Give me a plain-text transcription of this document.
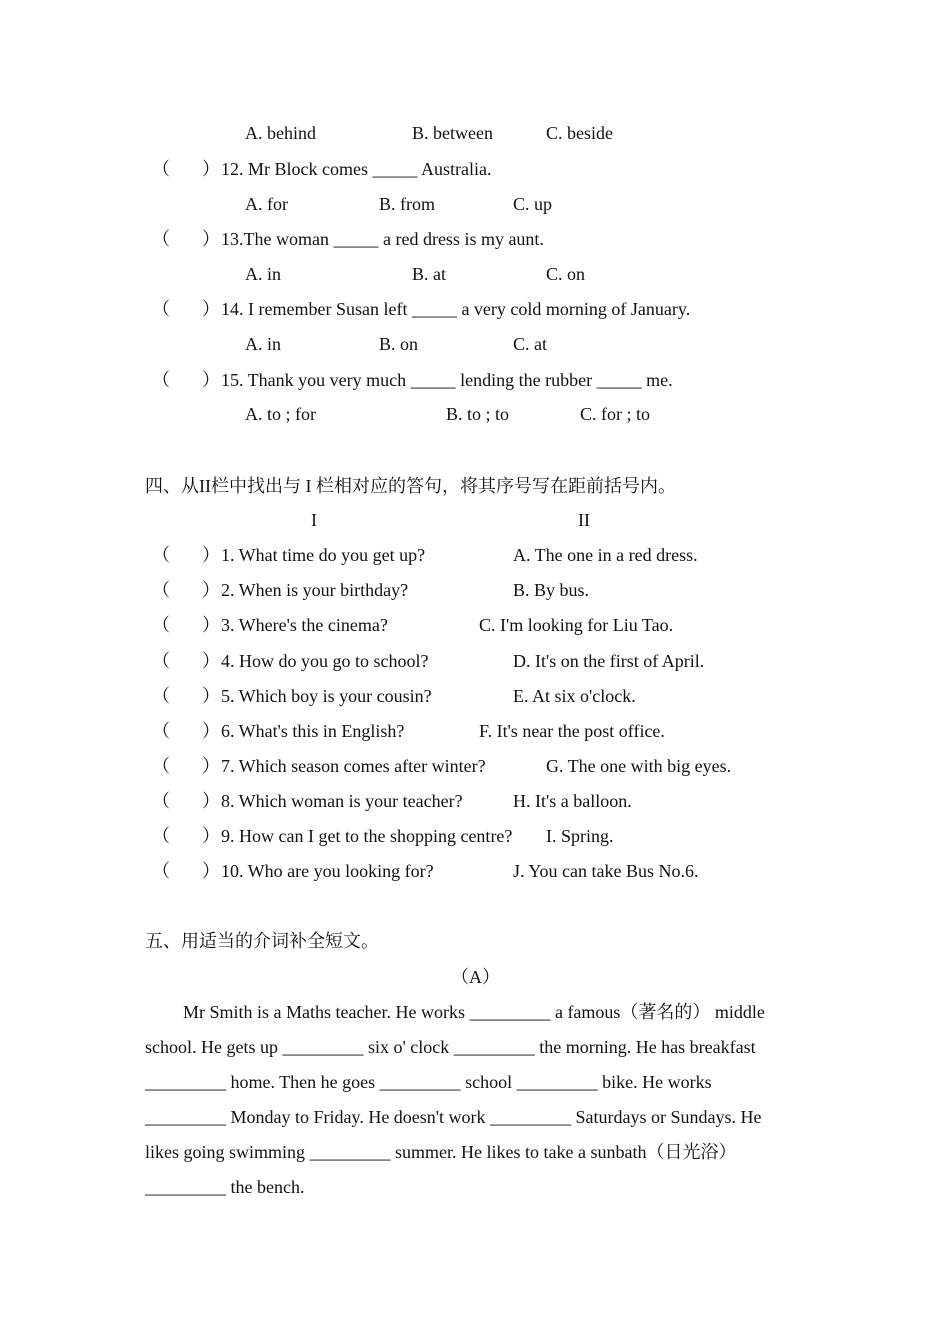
A. behind	B. between	C. beside
（ ） 12. Mr Block comes _____ Australia.
A. for	B. from	C. up
（ ） 13.The woman _____ a red dress is my aunt.
A. in	B. at	C. on
（ ） 14. I remember Susan left _____ a very cold morning of January.
A. in	B. on	C. at
（ ） 15. Thank you very much _____ lending the rubber _____ me.
A. to ; for	B. to ; to	C. for ; to
四、从II栏中找出与 I 栏相对应的答句，将其序号写在距前括号内。
I	II
（ ） 1. What time do you get up?	A. The one in a red dress.
（ ） 2. When is your birthday?	B. By bus.
（ ） 3. Where's the cinema?	C. I'm looking for Liu Tao.
（ ） 4. How do you go to school?	D. It's on the first of April.
（ ） 5. Which boy is your cousin?	E. At six o'clock.
（ ） 6. What's this in English?	F. It's near the post office.
（ ） 7. Which season comes after winter?	G. The one with big eyes.
（ ） 8. Which woman is your teacher?	H. It's a balloon.
（ ） 9. How can I get to the shopping centre? I. Spring.
（ ） 10. Who are you looking for?	J. You can take Bus No.6.
五、用适当的介词补全短文。
（A）
Mr Smith is a Maths teacher. He works _________ a famous（著名的） middle
school. He gets up _________ six o' clock _________ the morning. He has breakfast
_________ home. Then he goes _________ school _________ bike. He works
_________ Monday to Friday. He doesn't work _________ Saturdays or Sundays. He
likes going swimming _________ summer. He likes to take a sunbath（日光浴）
_________ the bench.
